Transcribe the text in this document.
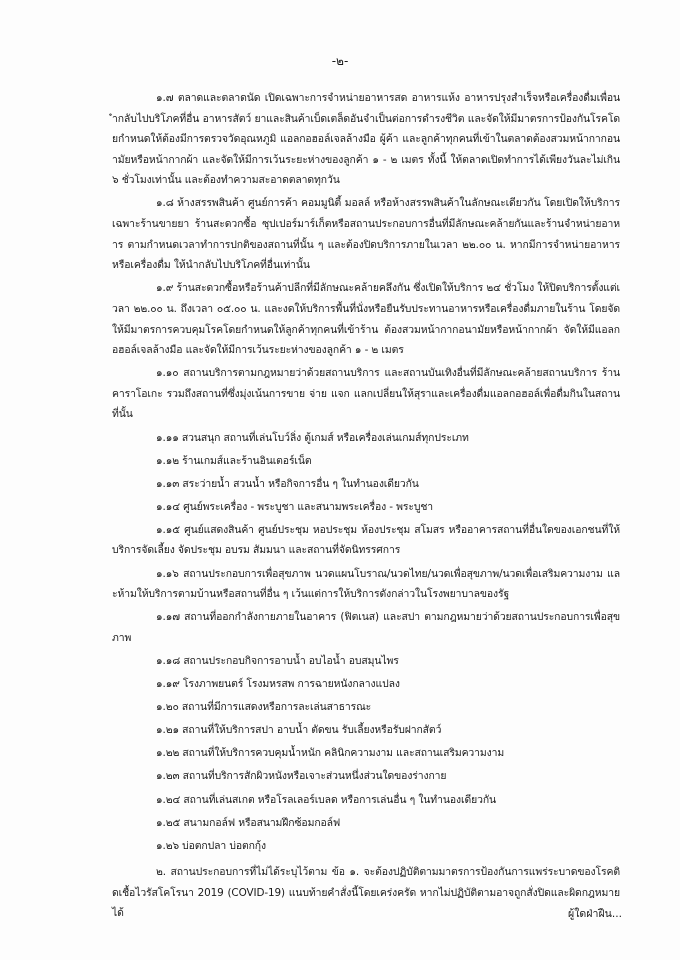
-๒-

๑.๗ ตลาดและตลาดนัด เปิดเฉพาะการจำหน่ายอาหารสด อาหารแห้ง อาหารปรุงสำเร็จหรือเครื่องดื่มเพื่อนำกลับไปบริโภคที่อื่น อาหารสัตว์ ยาและสินค้าเบ็ดเตล็ดอันจำเป็นต่อการดำรงชีวิต และจัดให้มีมาตรการป้องกันโรคโดยกำหนดให้ต้องมีการตรวจวัดอุณหภูมิ แอลกอฮอล์เจลล้างมือ ผู้ค้า และลูกค้าทุกคนที่เข้าในตลาดต้องสวมหน้ากากอนามัยหรือหน้ากากผ้า และจัดให้มีการเว้นระยะห่างของลูกค้า ๑ - ๒ เมตร ทั้งนี้ ให้ตลาดเปิดทำการได้เพียงวันละไม่เกิน ๖ ชั่วโมงเท่านั้น และต้องทำความสะอาดตลาดทุกวัน

๑.๘ ห้างสรรพสินค้า ศูนย์การค้า คอมมูนิตี้ มอลล์ หรือห้างสรรพสินค้าในลักษณะเดียวกัน โดยเปิดให้บริการเฉพาะร้านขายยา ร้านสะดวกซื้อ ซุปเปอร์มาร์เก็ตหรือสถานประกอบการอื่นที่มีลักษณะคล้ายกันและร้านจำหน่ายอาหาร ตามกำหนดเวลาทำการปกติของสถานที่นั้น ๆ และต้องปิดบริการภายในเวลา ๒๒.๐๐ น. หากมีการจำหน่ายอาหารหรือเครื่องดื่ม ให้นำกลับไปบริโภคที่อื่นเท่านั้น

๑.๙ ร้านสะดวกซื้อหรือร้านค้าปลีกที่มีลักษณะคล้ายคลึงกัน ซึ่งเปิดให้บริการ ๒๔ ชั่วโมง ให้ปิดบริการตั้งแต่เวลา ๒๒.๐๐ น. ถึงเวลา ๐๕.๐๐ น. และงดให้บริการพื้นที่นั่งหรือยืนรับประทานอาหารหรือเครื่องดื่มภายในร้าน โดยจัดให้มีมาตรการควบคุมโรคโดยกำหนดให้ลูกค้าทุกคนที่เข้าร้าน ต้องสวมหน้ากากอนามัยหรือหน้ากากผ้า จัดให้มีแอลกอฮอล์เจลล้างมือ และจัดให้มีการเว้นระยะห่างของลูกค้า ๑ - ๒ เมตร

๑.๑๐ สถานบริการตามกฎหมายว่าด้วยสถานบริการ และสถานบันเทิงอื่นที่มีลักษณะคล้ายสถานบริการ ร้านคาราโอเกะ รวมถึงสถานที่ซึ่งมุ่งเน้นการขาย จ่าย แจก แลกเปลี่ยนให้สุราและเครื่องดื่มแอลกอฮอล์เพื่อดื่มกินในสถานที่นั้น

๑.๑๑ สวนสนุก สถานที่เล่นโบว์ลิ่ง ตู้เกมส์ หรือเครื่องเล่นเกมส์ทุกประเภท
๑.๑๒ ร้านเกมส์และร้านอินเตอร์เน็ต
๑.๑๓ สระว่ายน้ำ สวนน้ำ หรือกิจการอื่น ๆ ในทำนองเดียวกัน
๑.๑๔ ศูนย์พระเครื่อง - พระบูชา และสนามพระเครื่อง - พระบูชา

๑.๑๕ ศูนย์แสดงสินค้า ศูนย์ประชุม หอประชุม ห้องประชุม สโมสร หรืออาคารสถานที่อื่นใดของเอกชนที่ให้บริการจัดเลี้ยง จัดประชุม อบรม สัมมนา และสถานที่จัดนิทรรศการ

๑.๑๖ สถานประกอบการเพื่อสุขภาพ นวดแผนโบราณ/นวดไทย/นวดเพื่อสุขภาพ/นวดเพื่อเสริมความงาม และห้ามให้บริการตามบ้านหรือสถานที่อื่น ๆ เว้นแต่การให้บริการดังกล่าวในโรงพยาบาลของรัฐ

๑.๑๗ สถานที่ออกกำลังกายภายในอาคาร (ฟิตเนส) และสปา ตามกฎหมายว่าด้วยสถานประกอบการเพื่อสุขภาพ

๑.๑๘ สถานประกอบกิจการอาบน้ำ อบไอน้ำ อบสมุนไพร
๑.๑๙ โรงภาพยนตร์ โรงมหรสพ การฉายหนังกลางแปลง
๑.๒๐ สถานที่มีการแสดงหรือการละเล่นสาธารณะ
๑.๒๑ สถานที่ให้บริการสปา อาบน้ำ ตัดขน รับเลี้ยงหรือรับฝากสัตว์
๑.๒๒ สถานที่ให้บริการควบคุมน้ำหนัก คลินิกความงาม และสถานเสริมความงาม
๑.๒๓ สถานที่บริการสักผิวหนังหรือเจาะส่วนหนึ่งส่วนใดของร่างกาย
๑.๒๔ สถานที่เล่นสเกต หรือโรลเลอร์เบลด หรือการเล่นอื่น ๆ ในทำนองเดียวกัน
๑.๒๕ สนามกอล์ฟ หรือสนามฝึกซ้อมกอล์ฟ
๑.๒๖ บ่อตกปลา บ่อตกกุ้ง

๒. สถานประกอบการที่ไม่ได้ระบุไว้ตาม ข้อ ๑. จะต้องปฏิบัติตามมาตรการป้องกันการแพร่ระบาดของโรคติดเชื้อไวรัสโคโรนา 2019 (COVID-19) แนบท้ายคำสั่งนี้โดยเคร่งครัด หากไม่ปฏิบัติตามอาจถูกสั่งปิดและผิดกฎหมายได้	ผู้ใดฝ่าฝืน...
